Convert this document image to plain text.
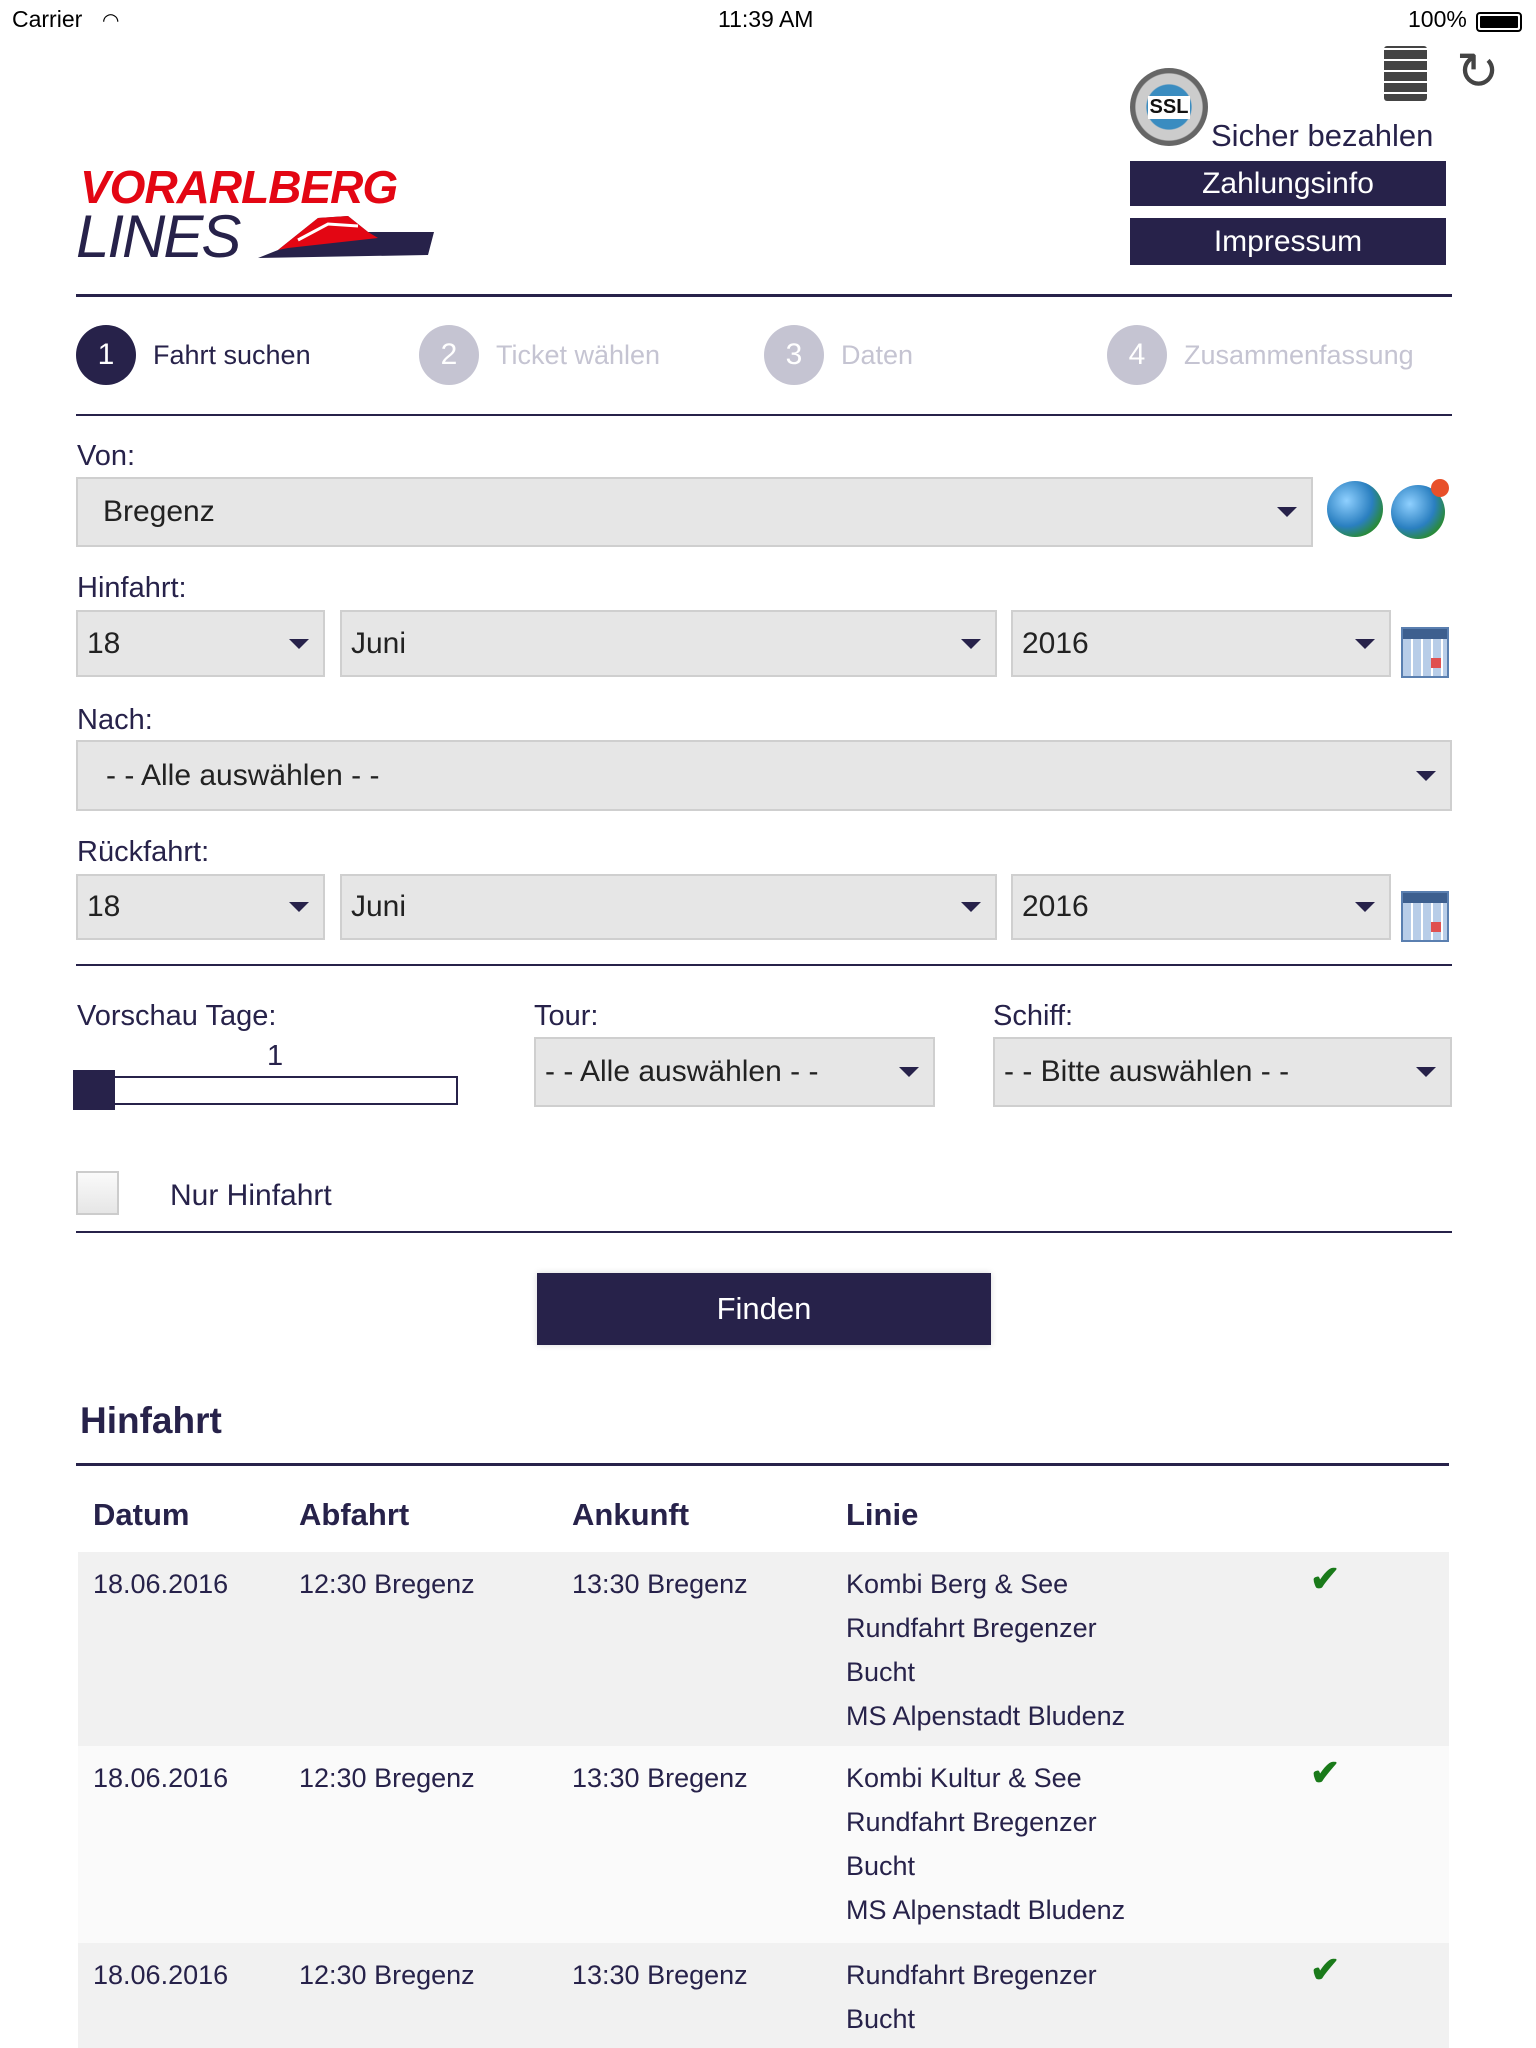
Carrier ◠	11:39 AM	100%
VORARLBERG
LINES
SSL
Sicher bezahlen
↻
Zahlungsinfo
Impressum
1	Fahrt suchen	2	Ticket wählen	3	Daten	4	Zusammenfassung
Von:
Bregenz
Hinfahrt:
18	Juni	2016
Nach:
- - Alle auswählen - -
Rückfahrt:
18	Juni	2016
Vorschau Tage:
1
Tour:
- - Alle auswählen - -
Schiff:
- - Bitte auswählen - -
Nur Hinfahrt
Finden
Hinfahrt
Datum	Abfahrt	Ankunft	Linie
18.06.2016	12:30 Bregenz	13:30 Bregenz	Kombi Berg & See
Rundfahrt Bregenzer
Bucht
MS Alpenstadt Bludenz
✔
18.06.2016	12:30 Bregenz	13:30 Bregenz	Kombi Kultur & See
Rundfahrt Bregenzer
Bucht
MS Alpenstadt Bludenz
✔
18.06.2016	12:30 Bregenz	13:30 Bregenz	Rundfahrt Bregenzer
Bucht
✔
